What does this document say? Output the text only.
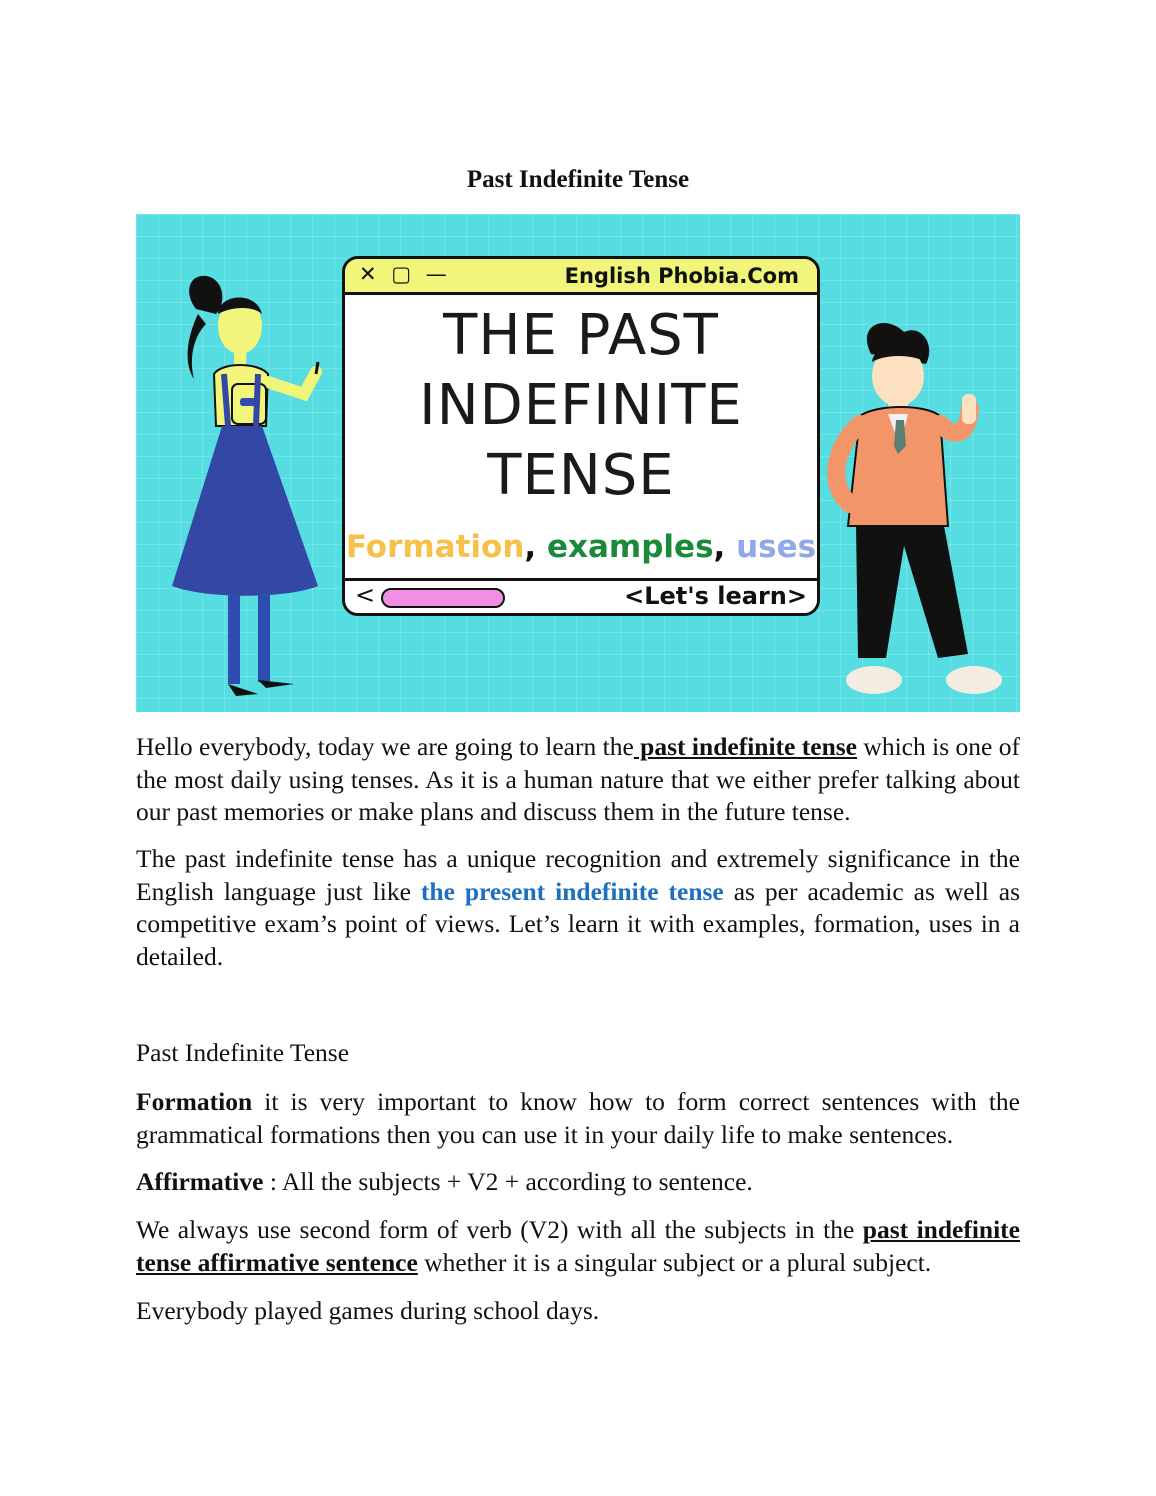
Past Indefinite Tense
✕ ▢ —	English Phobia.Com
THE PAST
INDEFINITE
TENSE
Formation, examples, uses
<	<Let's learn>

Hello everybody, today we are going to learn the past indefinite tense which is one of the most daily using tenses. As it is a human nature that we either prefer talking about our past memories or make plans and discuss them in the future tense.

The past indefinite tense has a unique recognition and extremely significance in the English language just like the present indefinite tense as per academic as well as competitive exam’s point of views. Let’s learn it with examples, formation, uses in a detailed.

Past Indefinite Tense

Formation it is very important to know how to form correct sentences with the grammatical formations then you can use it in your daily life to make sentences.

Affirmative : All the subjects + V2 + according to sentence.

We always use second form of verb (V2) with all the subjects in the past indefinite tense affirmative sentence whether it is a singular subject or a plural subject.

Everybody played games during school days.
